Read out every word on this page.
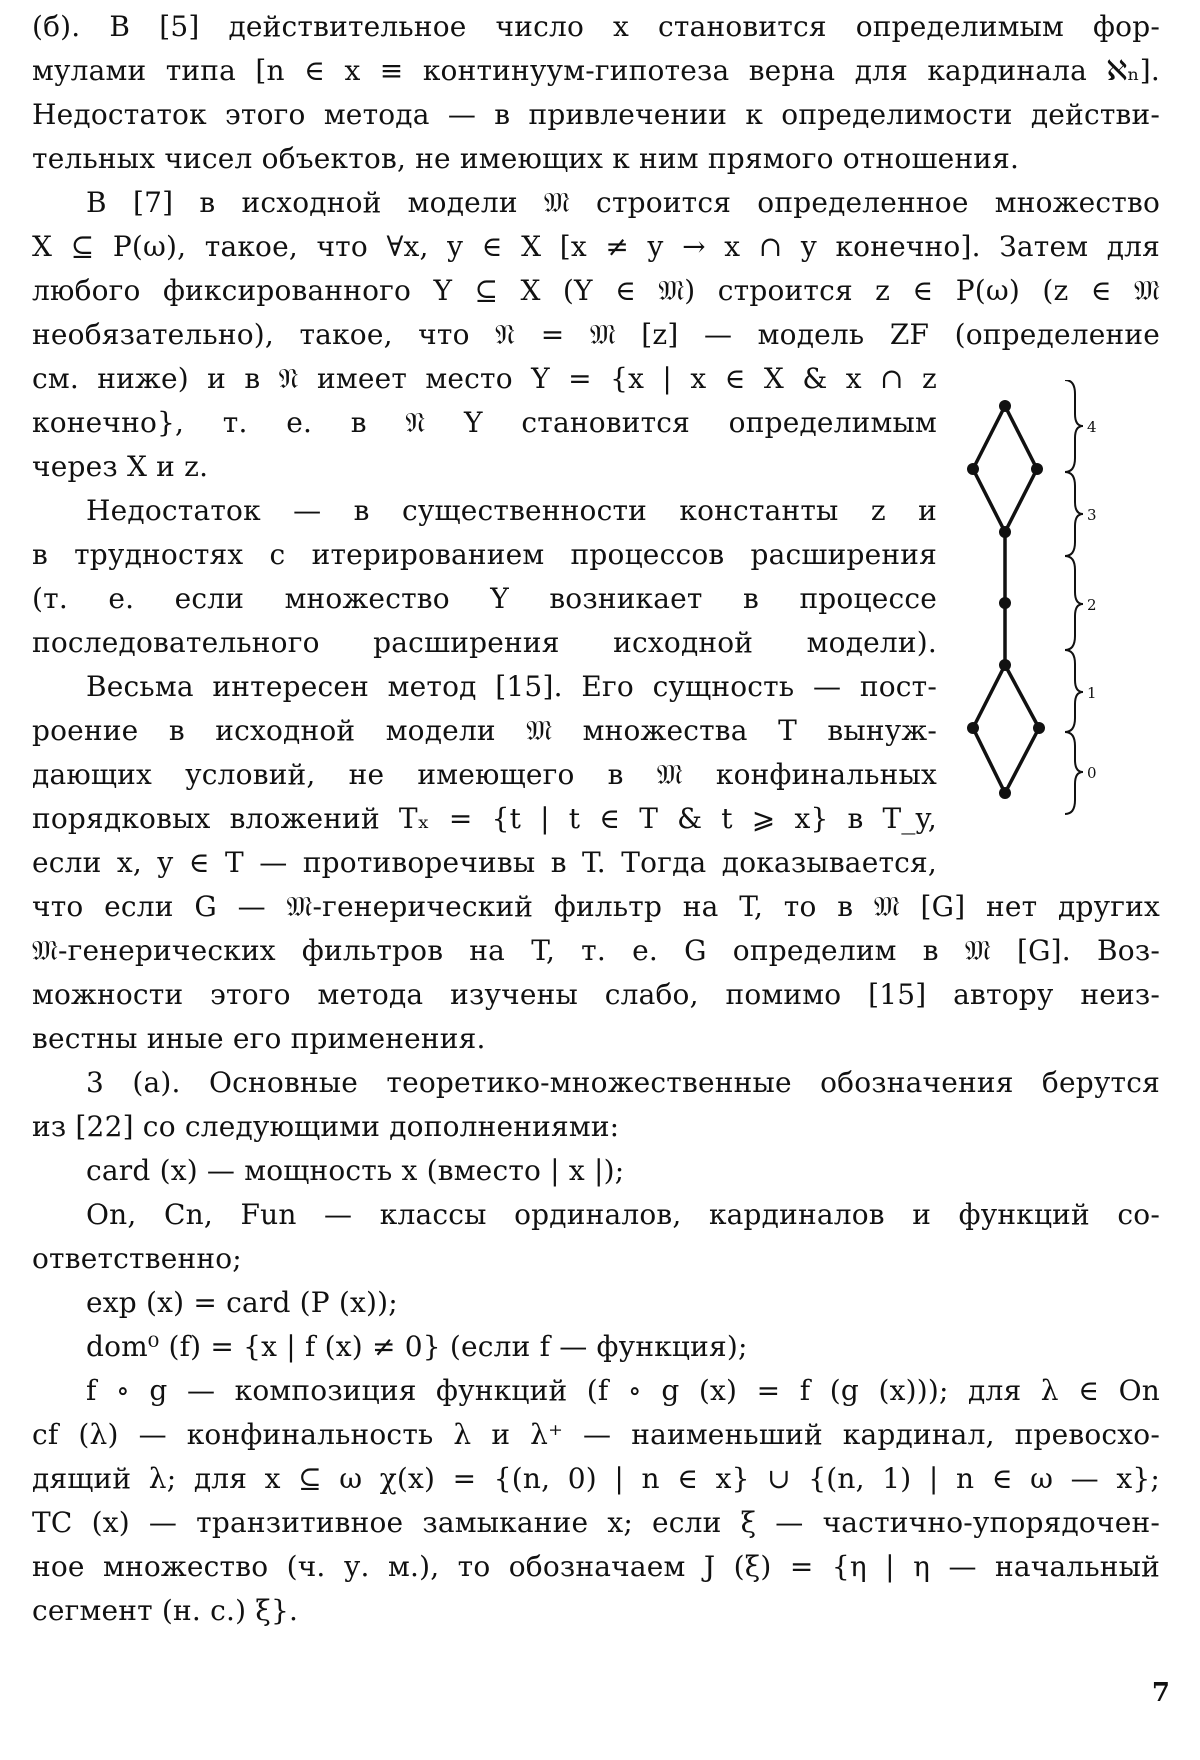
(б). В [5] действительное число x становится определимым фор-
мулами типа [n ∈ x ≡ континуум-гипотеза верна для кардинала ℵₙ].
Недостаток этого метода — в привлечении к определимости действи-
тельных чисел объектов, не имеющих к ним прямого отношения.
В [7] в исходной модели 𝔐 строится определенное множество
X ⊆ P(ω), такое, что ∀x, y ∈ X [x ≠ y → x ∩ y конечно]. Затем для
любого фиксированного Y ⊆ X (Y ∈ 𝔐) строится z ∈ P(ω) (z ∈ 𝔐
необязательно), такое, что 𝔑 = 𝔐 [z] — модель ZF (определение
см. ниже) и в 𝔑 имеет место Y = {x | x ∈ X & x ∩ z
конечно}, т. е. в 𝔑 Y становится определимым
через X и z.
Недостаток — в существенности константы z и
в трудностях с итерированием процессов расширения
(т. е. если множество Y возникает в процессе
последовательного расширения исходной модели).
Весьма интересен метод [15]. Его сущность — пост-
роение в исходной модели 𝔐 множества T вынуж-
дающих условий, не имеющего в 𝔐 конфинальных
порядковых вложений Tₓ = {t | t ∈ T & t ⩾ x} в T_y,
если x, y ∈ T — противоречивы в T. Тогда доказывается,
что если G — 𝔐-генерический фильтр на T, то в 𝔐 [G] нет других
𝔐-генерических фильтров на T, т. е. G определим в 𝔐 [G]. Воз-
можности этого метода изучены слабо, помимо [15] автору неиз-
вестны иные его применения.
3 (а). Основные теоретико-множественные обозначения берутся
из [22] со следующими дополнениями:
card (x) — мощность x (вместо | x |);
On, Cn, Fun — классы ординалов, кардиналов и функций со-
ответственно;
exp (x) = card (P (x));
dom⁰ (f) = {x | f (x) ≠ 0} (если f — функция);
f ∘ g — композиция функций (f ∘ g (x) = f (g (x))); для λ ∈ On
cf (λ) — конфинальность λ и λ⁺ — наименьший кардинал, превосхо-
дящий λ; для x ⊆ ω χ(x) = {(n, 0) | n ∈ x} ∪ {(n, 1) | n ∈ ω — x};
TC (x) — транзитивное замыкание x; если ξ — частично-упорядочен-
ное множество (ч. у. м.), то обозначаем J (ξ) = {η | η — начальный
сегмент (н. с.) ξ}.
4
3
2
1
0
7
